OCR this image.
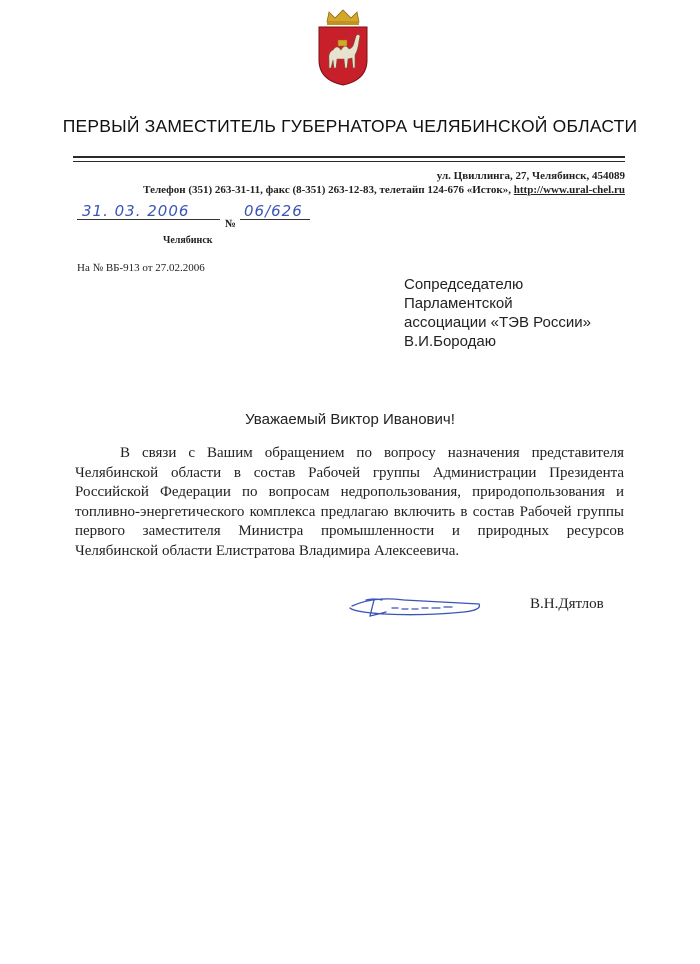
ПЕРВЫЙ ЗАМЕСТИТЕЛЬ ГУБЕРНАТОРА ЧЕЛЯБИНСКОЙ ОБЛАСТИ
ул. Цвиллинга, 27, Челябинск, 454089
Телефон (351) 263-31-11, факс (8-351) 263-12-83, телетайп 124-676 «Исток», http://www.ural-chel.ru
31. 03. 2006
№
06/626
Челябинск
На № ВБ-913 от 27.02.2006
Сопредседателю
Парламентской
ассоциации «ТЭВ России»
В.И.Бородаю
Уважаемый Виктор Иванович!
В связи с Вашим обращением по вопросу назначения представителя Челябинской области в состав Рабочей группы Администрации Президента Российской Федерации по вопросам недропользования, природопользования и топливно-энергетического комплекса предлагаю включить в состав Рабочей группы первого заместителя Министра промышленности и природных ресурсов Челябинской области Елистратова Владимира Алексеевича.
В.Н.Дятлов
